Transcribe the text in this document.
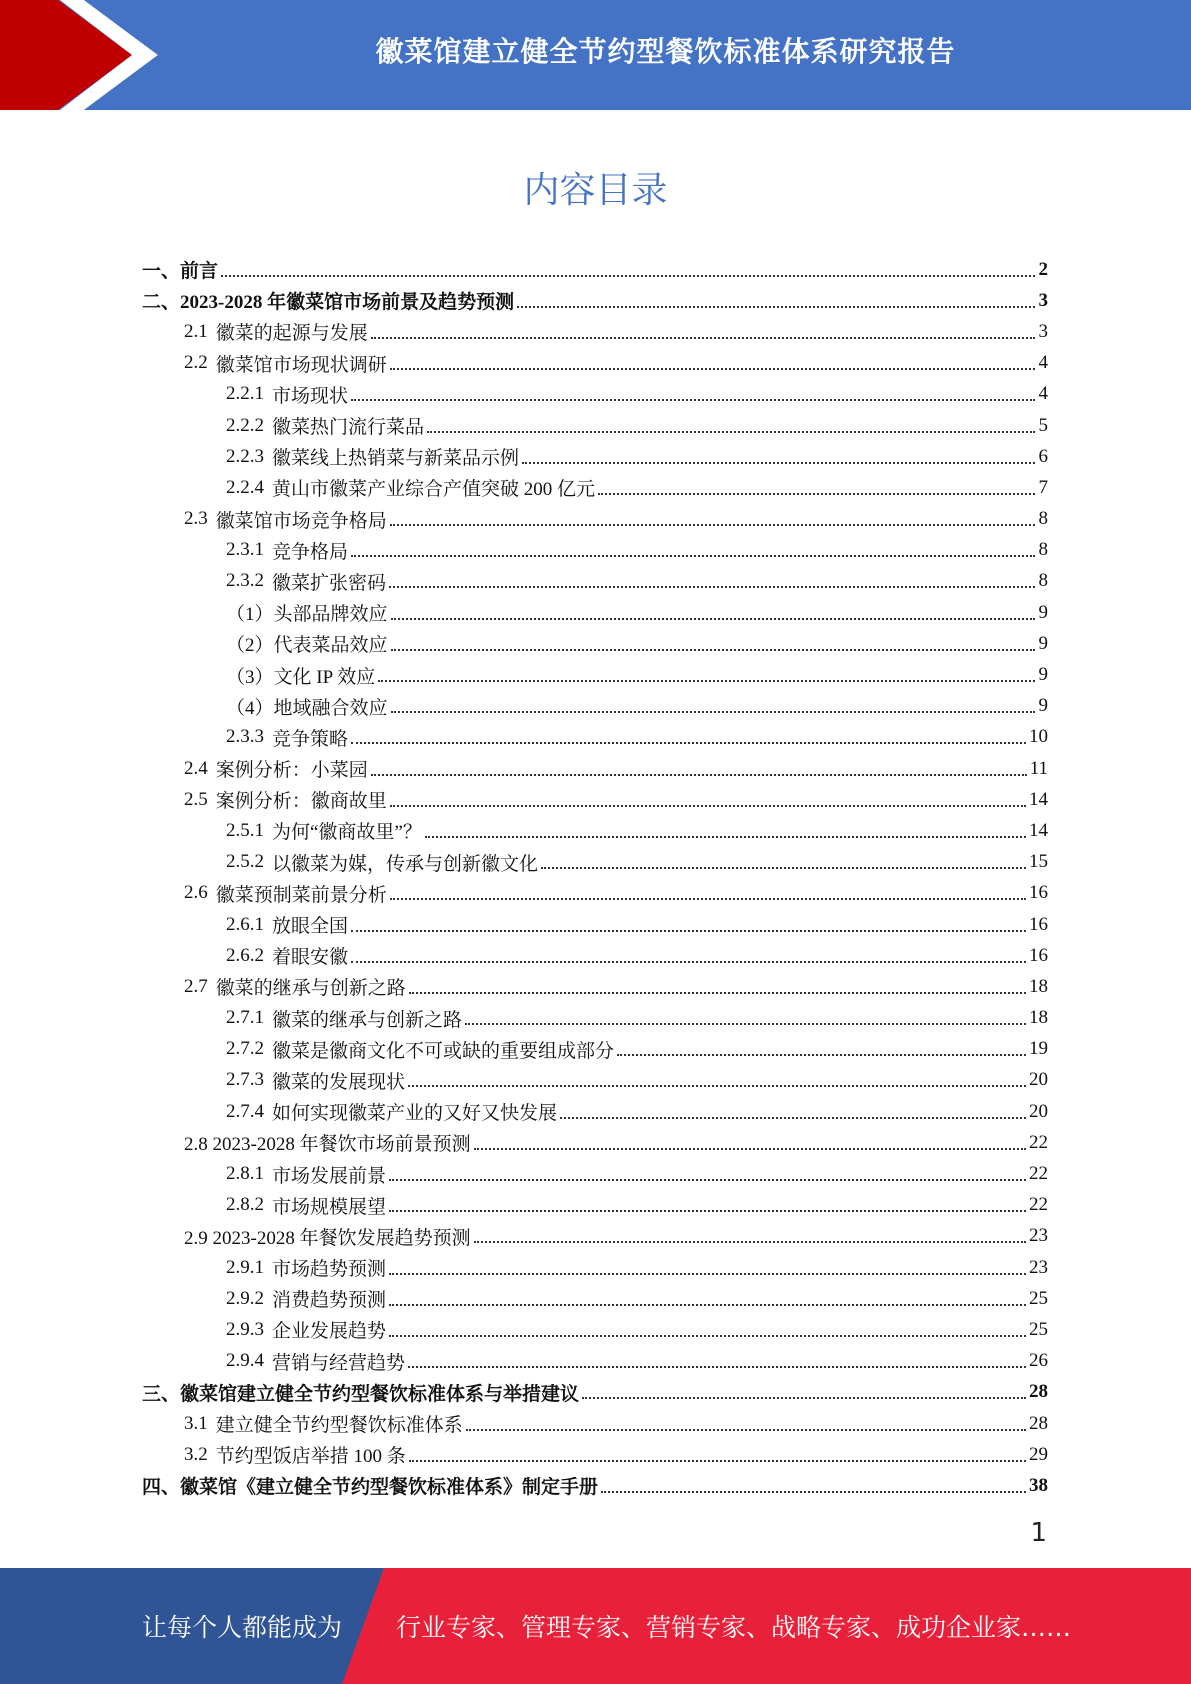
徽菜馆建立健全节约型餐饮标准体系研究报告
内容目录
一、 前言	2
二、 2023-2028 年徽菜馆市场前景及趋势预测	3
2.1 徽菜的起源与发展	3
2.2 徽菜馆市场现状调研	4
2.2.1 市场现状	4
2.2.2 徽菜热门流行菜品	5
2.2.3 徽菜线上热销菜与新菜品示例	6
2.2.4 黄山市徽菜产业综合产值突破 200 亿元	7
2.3 徽菜馆市场竞争格局	8
2.3.1 竞争格局	8
2.3.2 徽菜扩张密码	8
（1）头部品牌效应	9
（2）代表菜品效应	9
（3）文化 IP 效应	9
（4）地域融合效应	9
2.3.3 竞争策略	10
2.4 案例分析：小菜园	11
2.5 案例分析：徽商故里	14
2.5.1 为何“徽商故里”？	14
2.5.2 以徽菜为媒，传承与创新徽文化	15
2.6 徽菜预制菜前景分析	16
2.6.1 放眼全国	16
2.6.2 着眼安徽	16
2.7 徽菜的继承与创新之路	18
2.7.1 徽菜的继承与创新之路	18
2.7.2 徽菜是徽商文化不可或缺的重要组成部分	19
2.7.3 徽菜的发展现状	20
2.7.4 如何实现徽菜产业的又好又快发展	20
2.8 2023-2028 年餐饮市场前景预测	22
2.8.1 市场发展前景	22
2.8.2 市场规模展望	22
2.9 2023-2028 年餐饮发展趋势预测	23
2.9.1 市场趋势预测	23
2.9.2 消费趋势预测	25
2.9.3 企业发展趋势	25
2.9.4 营销与经营趋势	26
三、 徽菜馆建立健全节约型餐饮标准体系与举措建议	28
3.1 建立健全节约型餐饮标准体系	28
3.2 节约型饭店举措 100 条	29
四、 徽菜馆《建立健全节约型餐饮标准体系》制定手册	38
1
让每个人都能成为 行业专家、管理专家、营销专家、战略专家、成功企业家……
